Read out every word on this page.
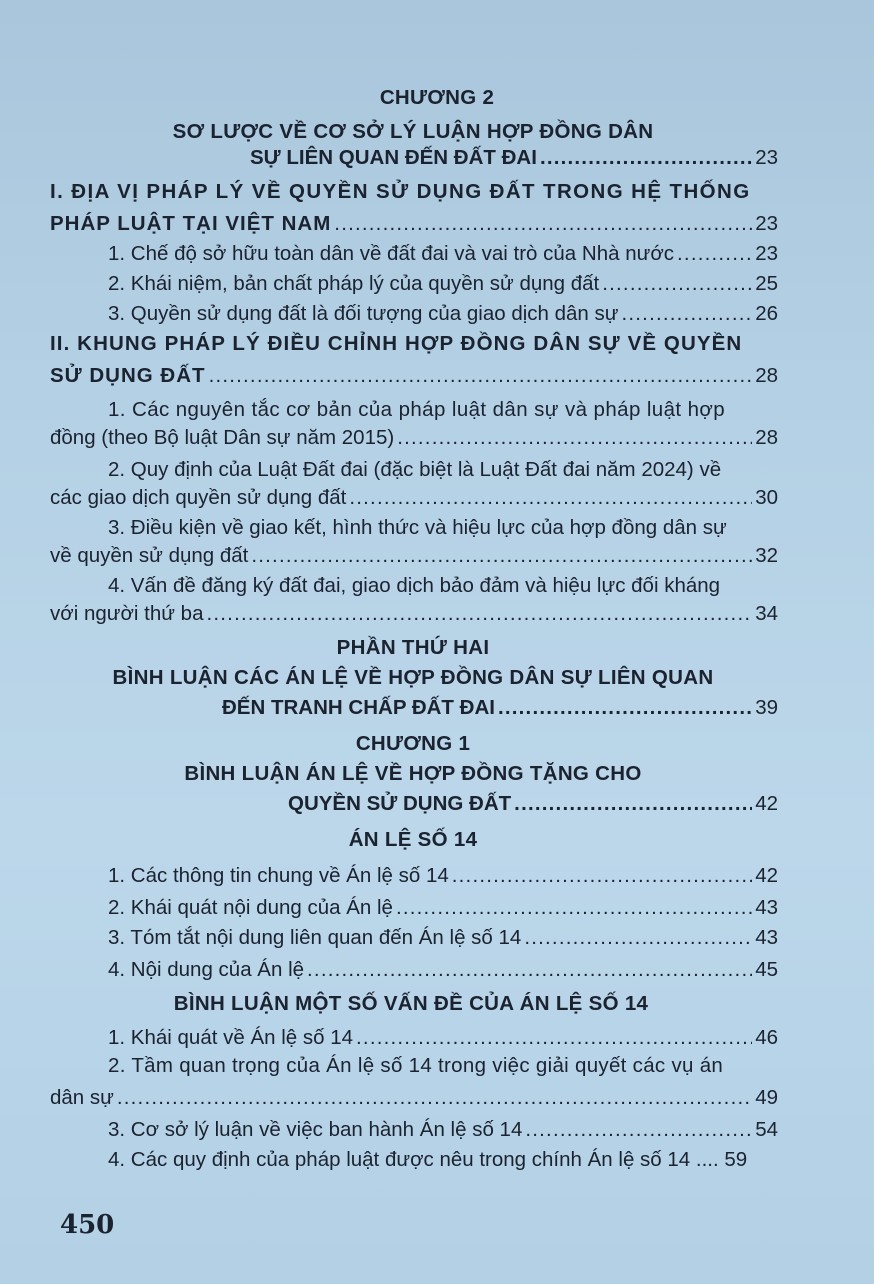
CHƯƠNG 2
SƠ LƯỢC VỀ CƠ SỞ LÝ LUẬN HỢP ĐỒNG DÂN
SỰ LIÊN QUAN ĐẾN ĐẤT ĐAI .....	23
I. ĐỊA VỊ PHÁP LÝ VỀ QUYỀN SỬ DỤNG ĐẤT TRONG HỆ THỐNG
PHÁP LUẬT TẠI VIỆT NAM .....	23
1. Chế độ sở hữu toàn dân về đất đai và vai trò của Nhà nước .....	23
2. Khái niệm, bản chất pháp lý của quyền sử dụng đất .....	25
3. Quyền sử dụng đất là đối tượng của giao dịch dân sự .....	26
II. KHUNG PHÁP LÝ ĐIỀU CHỈNH HỢP ĐỒNG DÂN SỰ VỀ QUYỀN
SỬ DỤNG ĐẤT .....	28
1. Các nguyên tắc cơ bản của pháp luật dân sự và pháp luật hợp
đồng (theo Bộ luật Dân sự năm 2015) .....	28
2. Quy định của Luật Đất đai (đặc biệt là Luật Đất đai năm 2024) về
các giao dịch quyền sử dụng đất .....	30
3. Điều kiện về giao kết, hình thức và hiệu lực của hợp đồng dân sự
về quyền sử dụng đất .....	32
4. Vấn đề đăng ký đất đai, giao dịch bảo đảm và hiệu lực đối kháng
với người thứ ba .....	34
PHẦN THỨ HAI
BÌNH LUẬN CÁC ÁN LỆ VỀ HỢP ĐỒNG DÂN SỰ LIÊN QUAN
ĐẾN TRANH CHẤP ĐẤT ĐAI .....	39
CHƯƠNG 1
BÌNH LUẬN ÁN LỆ VỀ HỢP ĐỒNG TẶNG CHO
QUYỀN SỬ DỤNG ĐẤT .....	42
ÁN LỆ SỐ 14
1. Các thông tin chung về Án lệ số 14 .....	42
2. Khái quát nội dung của Án lệ .....	43
3. Tóm tắt nội dung liên quan đến Án lệ số 14 .....	43
4. Nội dung của Án lệ .....	45
BÌNH LUẬN MỘT SỐ VẤN ĐỀ CỦA ÁN LỆ SỐ 14
1. Khái quát về Án lệ số 14 .....	46
2. Tầm quan trọng của Án lệ số 14 trong việc giải quyết các vụ án
dân sự .....	49
3. Cơ sở lý luận về việc ban hành Án lệ số 14 .....	54
4. Các quy định của pháp luật được nêu trong chính Án lệ số 14 .... 59
450
